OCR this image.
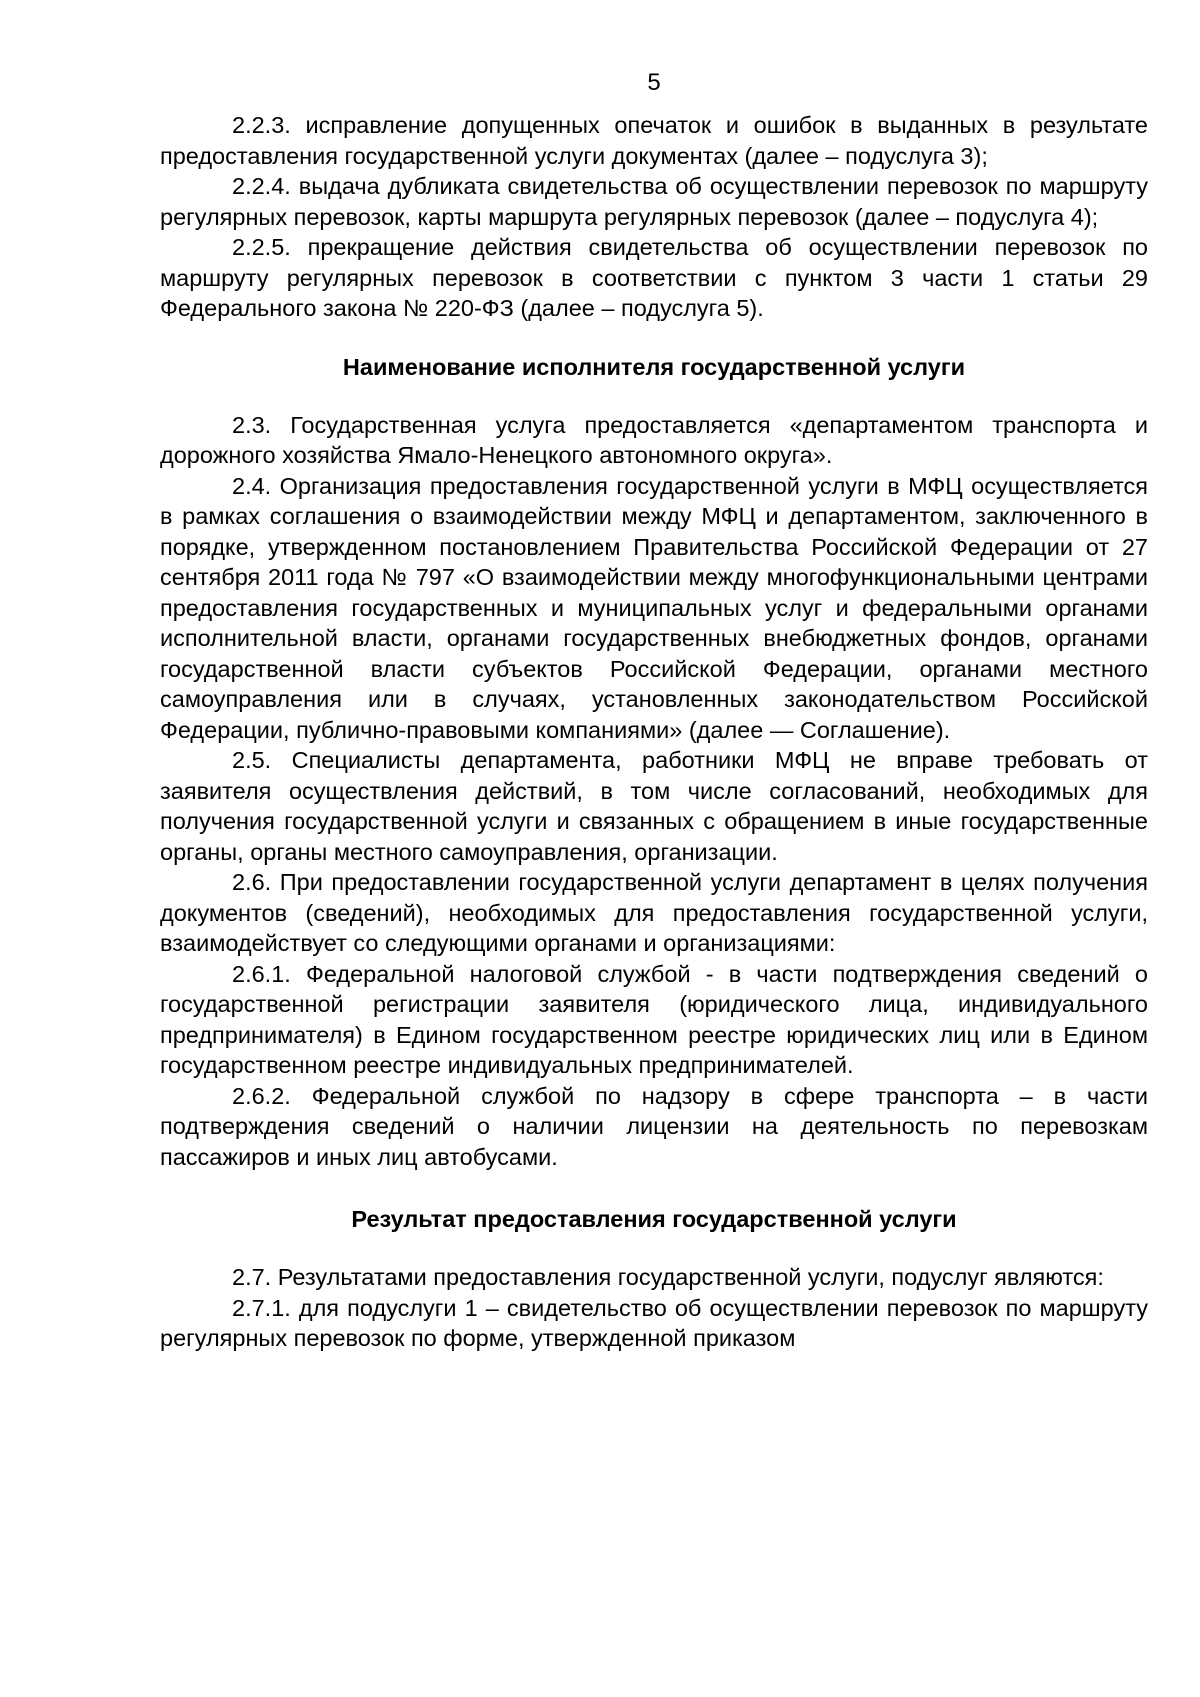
5

2.2.3. исправление допущенных опечаток и ошибок в выданных в результате предоставления государственной услуги документах (далее – подуслуга 3);

2.2.4. выдача дубликата свидетельства об осуществлении перевозок по маршруту регулярных перевозок, карты маршрута регулярных перевозок (далее – подуслуга 4);

2.2.5. прекращение действия свидетельства об осуществлении перевозок по маршруту регулярных перевозок в соответствии с пунктом 3 части 1 статьи 29 Федерального закона № 220-ФЗ (далее – подуслуга 5).

Наименование исполнителя государственной услуги

2.3. Государственная услуга предоставляется «департаментом транспорта и дорожного хозяйства Ямало-Ненецкого автономного округа».

2.4. Организация предоставления государственной услуги в МФЦ осуществляется в рамках соглашения о взаимодействии между МФЦ и департаментом, заключенного в порядке, утвержденном постановлением Правительства Российской Федерации от 27 сентября 2011 года № 797 «О взаимодействии между многофункциональными центрами предоставления государственных и муниципальных услуг и федеральными органами исполнительной власти, органами государственных внебюджетных фондов, органами государственной власти субъектов Российской Федерации, органами местного самоуправления или в случаях, установленных законодательством Российской Федерации, публично-правовыми компаниями» (далее — Соглашение).

2.5. Специалисты департамента, работники МФЦ не вправе требовать от заявителя осуществления действий, в том числе согласований, необходимых для получения государственной услуги и связанных с обращением в иные государственные органы, органы местного самоуправления, организации.

2.6. При предоставлении государственной услуги департамент в целях получения документов (сведений), необходимых для предоставления государственной услуги, взаимодействует со следующими органами и организациями:

2.6.1. Федеральной налоговой службой - в части подтверждения сведений о государственной регистрации заявителя (юридического лица, индивидуального предпринимателя) в Едином государственном реестре юридических лиц или в Едином государственном реестре индивидуальных предпринимателей.

2.6.2. Федеральной службой по надзору в сфере транспорта – в части подтверждения сведений о наличии лицензии на деятельность по перевозкам пассажиров и иных лиц автобусами.

Результат предоставления государственной услуги

2.7. Результатами предоставления государственной услуги, подуслуг являются:

2.7.1. для подуслуги 1 – свидетельство об осуществлении перевозок по маршруту регулярных перевозок по форме, утвержденной приказом
